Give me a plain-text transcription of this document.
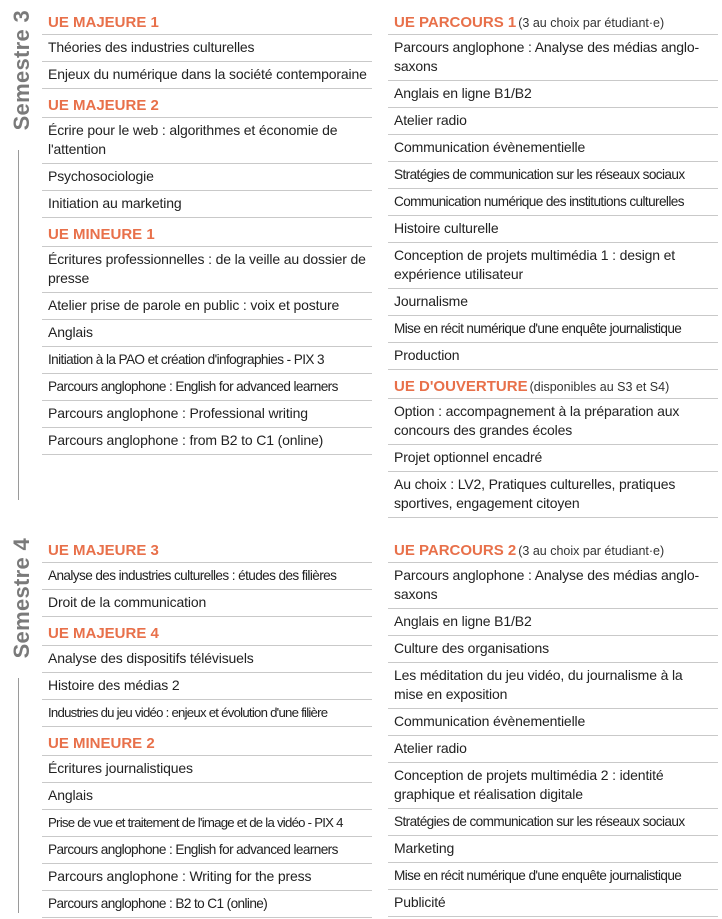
Semestre 3 UE MAJEURE 1
Théories des industries culturelles
Enjeux du numérique dans la société contemporaine
UE MAJEURE 2
Écrire pour le web : algorithmes et économie de l'attention
Psychosociologie
Initiation au marketing
UE MINEURE 1
Écritures professionnelles : de la veille au dossier de presse
Atelier prise de parole en public : voix et posture
Anglais
Initiation à la PAO et création d'infographies - PIX 3
Parcours anglophone : English for advanced learners
Parcours anglophone : Professional writing
Parcours anglophone : from B2 to C1 (online)
UE PARCOURS 1 (3 au choix par étudiant·e)
Parcours anglophone : Analyse des médias anglo-saxons
Anglais en ligne B1/B2
Atelier radio
Communication évènementielle
Stratégies de communication sur les réseaux sociaux
Communication numérique des institutions culturelles
Histoire culturelle
Conception de projets multimédia 1 : design et expérience utilisateur
Journalisme
Mise en récit numérique d'une enquête journalistique
Production
UE D'OUVERTURE (disponibles au S3 et S4)
Option : accompagnement à la préparation aux concours des grandes écoles
Projet optionnel encadré
Au choix : LV2, Pratiques culturelles, pratiques sportives, engagement citoyen
Semestre 4 UE MAJEURE 3
Analyse des industries culturelles : études des filières
Droit de la communication
UE MAJEURE 4
Analyse des dispositifs télévisuels
Histoire des médias 2
Industries du jeu vidéo : enjeux et évolution d'une filière
UE MINEURE 2
Écritures journalistiques
Anglais
Prise de vue et traitement de l'image et de la vidéo - PIX 4
Parcours anglophone : English for advanced learners
Parcours anglophone : Writing for the press
Parcours anglophone : B2 to C1 (online)
UE PARCOURS 2 (3 au choix par étudiant·e)
Parcours anglophone : Analyse des médias anglo-saxons
Anglais en ligne B1/B2
Culture des organisations
Les méditation du jeu vidéo, du journalisme à la mise en exposition
Communication évènementielle
Atelier radio
Conception de projets multimédia 2 : identité graphique et réalisation digitale
Stratégies de communication sur les réseaux sociaux
Marketing
Mise en récit numérique d'une enquête journalistique
Publicité
